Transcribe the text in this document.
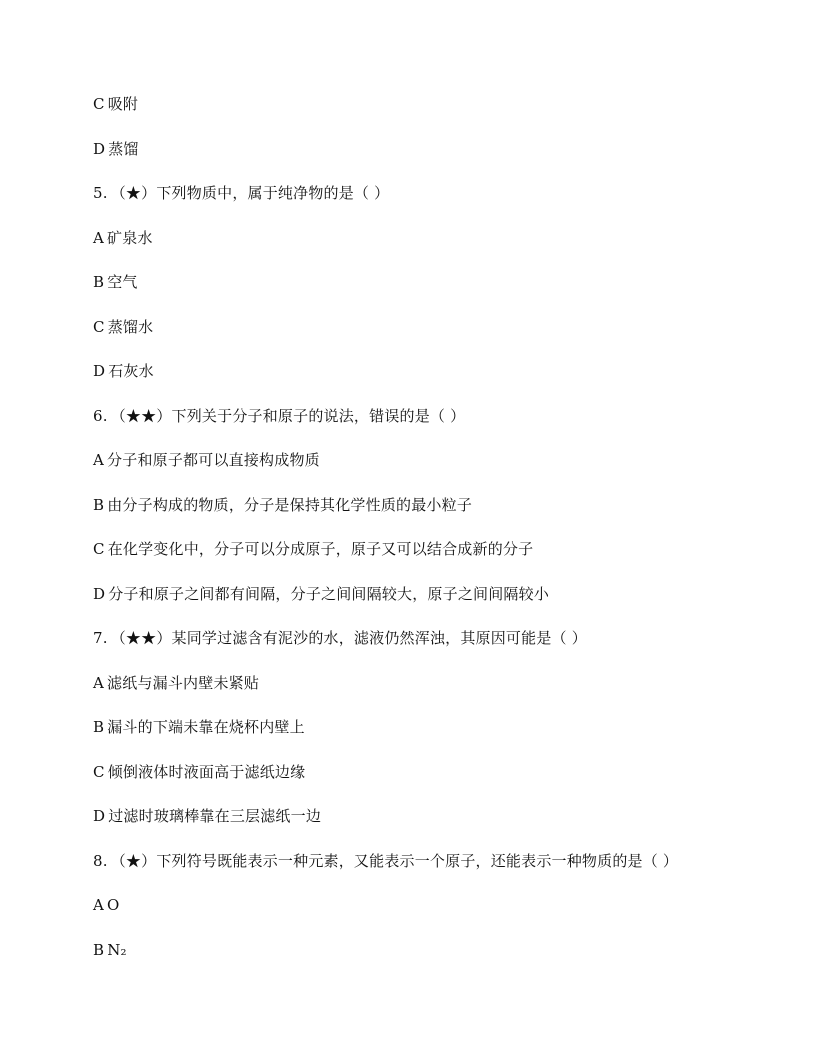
C 吸附
D 蒸馏
5. （★）下列物质中，属于纯净物的是（ ）
A 矿泉水
B 空气
C 蒸馏水
D 石灰水
6. （★★）下列关于分子和原子的说法，错误的是（ ）
A 分子和原子都可以直接构成物质
B 由分子构成的物质，分子是保持其化学性质的最小粒子
C 在化学变化中，分子可以分成原子，原子又可以结合成新的分子
D 分子和原子之间都有间隔，分子之间间隔较大，原子之间间隔较小
7. （★★）某同学过滤含有泥沙的水，滤液仍然浑浊，其原因可能是（ ）
A 滤纸与漏斗内壁未紧贴
B 漏斗的下端未靠在烧杯内壁上
C 倾倒液体时液面高于滤纸边缘
D 过滤时玻璃棒靠在三层滤纸一边
8. （★）下列符号既能表示一种元素，又能表示一个原子，还能表示一种物质的是（ ）
A O
B N₂
